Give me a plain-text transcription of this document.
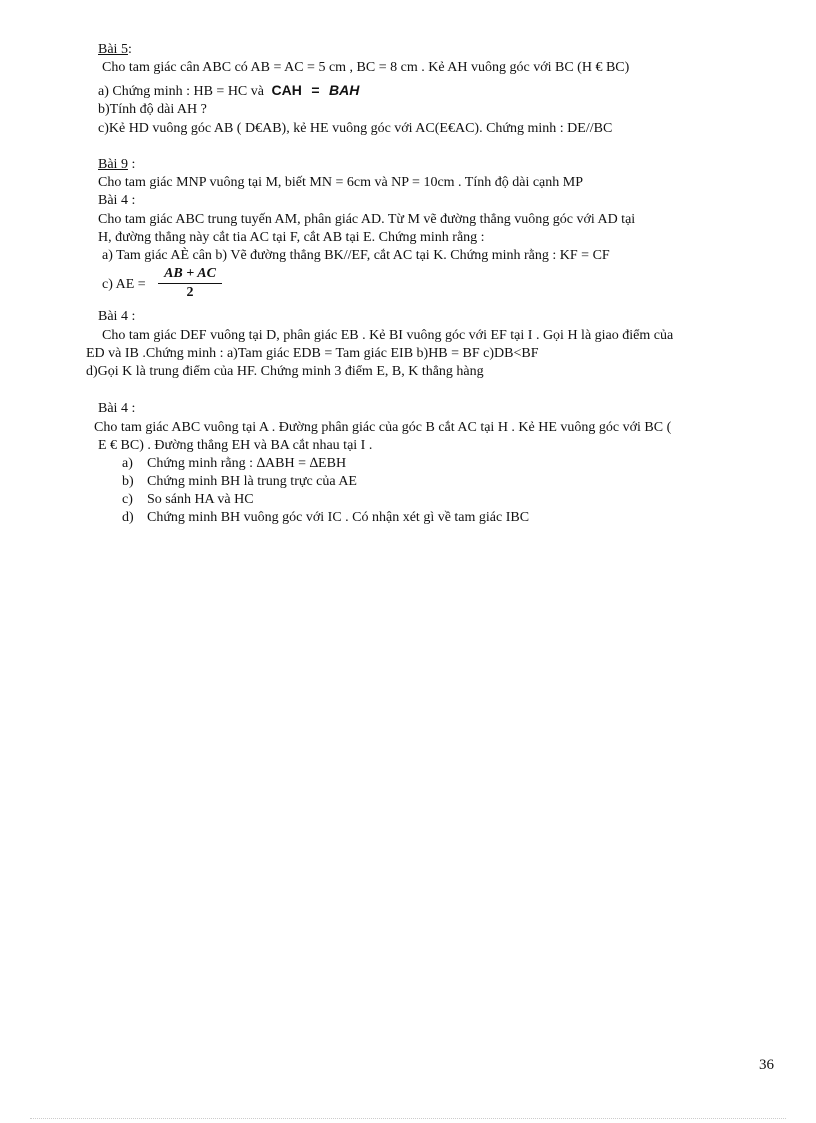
Bài 5:
Cho tam giác cân ABC có AB = AC = 5 cm , BC = 8 cm . Kẻ AH vuông góc với BC (H € BC)
a) Chứng minh : HB = HC và CAH = BAH
b)Tính độ dài AH ?
c)Kẻ HD vuông góc AB ( D€AB), kẻ HE vuông góc với AC(E€AC). Chứng minh : DE//BC
Bài 9 :
Cho tam giác MNP vuông tại M, biết MN = 6cm và NP = 10cm . Tính độ dài cạnh MP
Bài 4 :
Cho tam giác ABC trung tuyến AM, phân giác AD. Từ M vẽ đường thẳng vuông góc với AD tại
H, đường thẳng này cắt tia AC tại F, cắt AB tại E. Chứng minh rằng :
a) Tam giác AÈ cân b) Vẽ đường thẳng BK//EF, cắt AC tại K. Chứng minh rằng : KF = CF
c) AE = $\frac{AB + AC}{2}$
Bài 4 :
Cho tam giác DEF vuông tại D, phân giác EB . Kẻ BI vuông góc với EF tại I . Gọi H là giao điểm của
ED và IB .Chứng minh : a)Tam giác EDB = Tam giác EIB b)HB = BF c)DB<BF
d)Gọi K là trung điểm của HF. Chứng minh 3 điểm E, B, K thẳng hàng
Bài 4 :
Cho tam giác ABC vuông tại A . Đường phân giác của góc B cắt AC tại H . Kẻ HE vuông góc với BC (
E € BC) . Đường thẳng EH và BA cắt nhau tại I .
a) Chứng minh rằng : ∆ABH = ∆EBH
b) Chứng minh BH là trung trực của AE
c) So sánh HA và HC
d) Chứng minh BH vuông góc với IC . Có nhận xét gì về tam giác IBC
36
